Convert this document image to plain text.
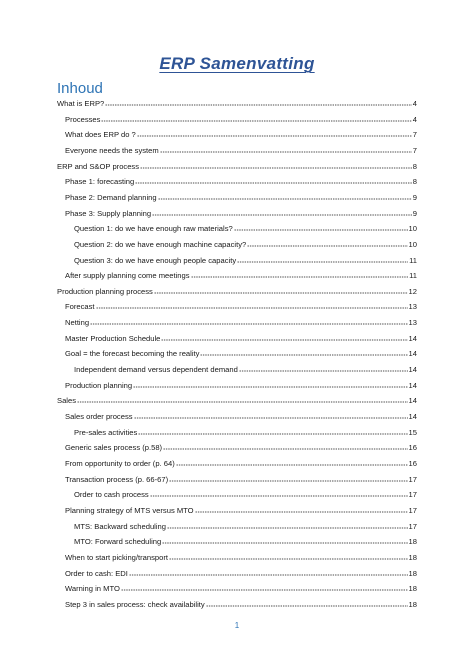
ERP Samenvatting
Inhoud
What is ERP?	4
Processes	4
What does ERP do ?	7
Everyone needs the system	7
ERP and S&OP process	8
Phase 1: forecasting	8
Phase 2: Demand planning	9
Phase 3: Supply planning	9
Question 1: do we have enough raw materials?	10
Question 2: do we have enough machine capacity?	10
Question 3: do we have enough people capacity	11
After supply planning come meetings	11
Production planning process	12
Forecast	13
Netting	13
Master Production Schedule	14
Goal = the forecast becoming the reality	14
Independent demand versus dependent demand	14
Production planning	14
Sales	14
Sales order process	14
Pre-sales activities	15
Generic sales process (p.58)	16
From opportunity to order (p. 64)	16
Transaction process (p. 66-67)	17
Order to cash process	17
Planning strategy of MTS versus MTO	17
MTS: Backward scheduling	17
MTO: Forward scheduling	18
When to start picking/transport	18
Order to cash: EDI	18
Warning in MTO	18
Step 3 in sales process: check availability	18
1
